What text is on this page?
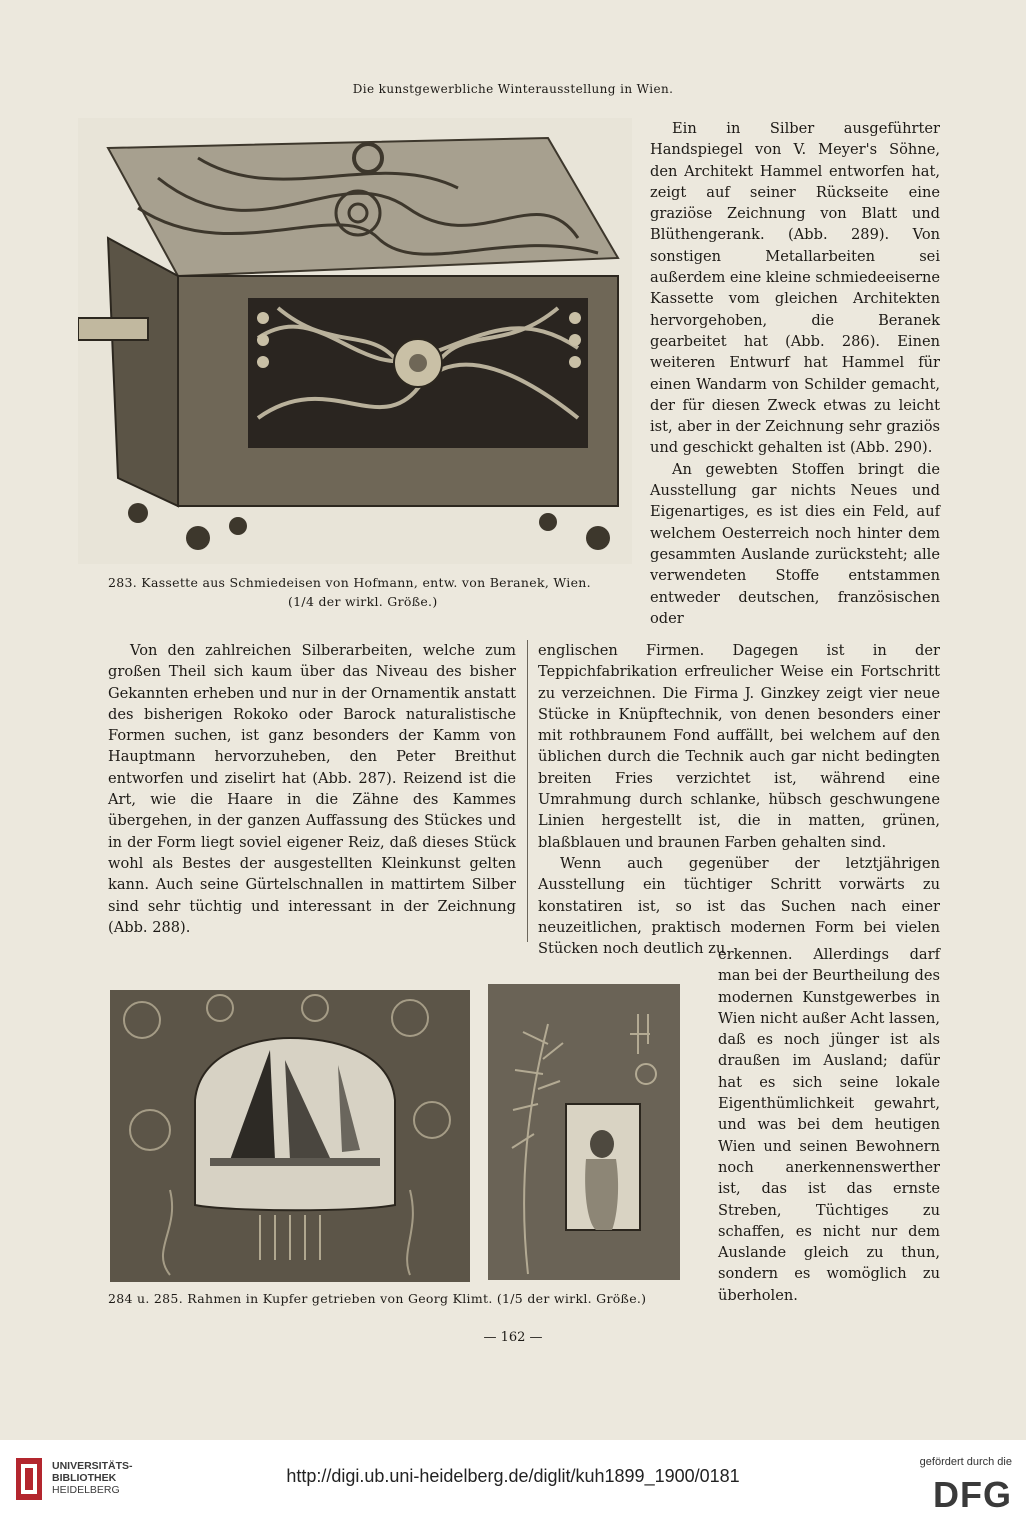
Die kunstgewerbliche Winterausstellung in Wien.
283. Kassette aus Schmiedeisen von Hofmann, entw. von Beranek, Wien.
(1/4 der wirkl. Größe.)

Ein in Silber ausgeführter Handspiegel von V. Meyer's Söhne, den Architekt Hammel entworfen hat, zeigt auf seiner Rückseite eine graziöse Zeichnung von Blatt und Blüthengerank. (Abb. 289). Von sonstigen Metallarbeiten sei außerdem eine kleine schmiedeeiserne Kassette vom gleichen Architekten hervorgehoben, die Beranek gearbeitet hat (Abb. 286). Einen weiteren Entwurf hat Hammel für einen Wandarm von Schilder gemacht, der für diesen Zweck etwas zu leicht ist, aber in der Zeichnung sehr graziös und geschickt gehalten ist (Abb. 290).

An gewebten Stoffen bringt die Ausstellung gar nichts Neues und Eigenartiges, es ist dies ein Feld, auf welchem Oesterreich noch hinter dem gesammten Auslande zurücksteht; alle verwendeten Stoffe entstammen entweder deutschen, französischen oder

Von den zahlreichen Silberarbeiten, welche zum großen Theil sich kaum über das Niveau des bisher Gekannten erheben und nur in der Ornamentik anstatt des bisherigen Rokoko oder Barock naturalistische Formen suchen, ist ganz besonders der Kamm von Hauptmann hervorzuheben, den Peter Breithut entworfen und ziselirt hat (Abb. 287). Reizend ist die Art, wie die Haare in die Zähne des Kammes übergehen, in der ganzen Auffassung des Stückes und in der Form liegt soviel eigener Reiz, daß dieses Stück wohl als Bestes der ausgestellten Kleinkunst gelten kann. Auch seine Gürtelschnallen in mattirtem Silber sind sehr tüchtig und interessant in der Zeichnung (Abb. 288).

englischen Firmen. Dagegen ist in der Teppichfabrikation erfreulicher Weise ein Fortschritt zu verzeichnen. Die Firma J. Ginzkey zeigt vier neue Stücke in Knüpftechnik, von denen besonders einer mit rothbraunem Fond auffällt, bei welchem auf den üblichen durch die Technik auch gar nicht bedingten breiten Fries verzichtet ist, während eine Umrahmung durch schlanke, hübsch geschwungene Linien hergestellt ist, die in matten, grünen, blaßblauen und braunen Farben gehalten sind.

Wenn auch gegenüber der letztjährigen Ausstellung ein tüchtiger Schritt vorwärts zu konstatiren ist, so ist das Suchen nach einer neuzeitlichen, praktisch modernen Form bei vielen Stücken noch deutlich zu

284 u. 285. Rahmen in Kupfer getrieben von Georg Klimt. (1/5 der wirkl. Größe.)

erkennen. Allerdings darf man bei der Beurtheilung des modernen Kunstgewerbes in Wien nicht außer Acht lassen, daß es noch jünger ist als draußen im Ausland; dafür hat es sich seine lokale Eigenthümlichkeit gewahrt, und was bei dem heutigen Wien und seinen Bewohnern noch anerkennenswerther ist, das ist das ernste Streben, Tüchtiges zu schaffen, es nicht nur dem Auslande gleich zu thun, sondern es womöglich zu überholen.

— 162 —
UNIVERSITÄTS-
BIBLIOTHEK
HEIDELBERG
http://digi.ub.uni-heidelberg.de/diglit/kuh1899_1900/0181
gefördert durch die
DFG
